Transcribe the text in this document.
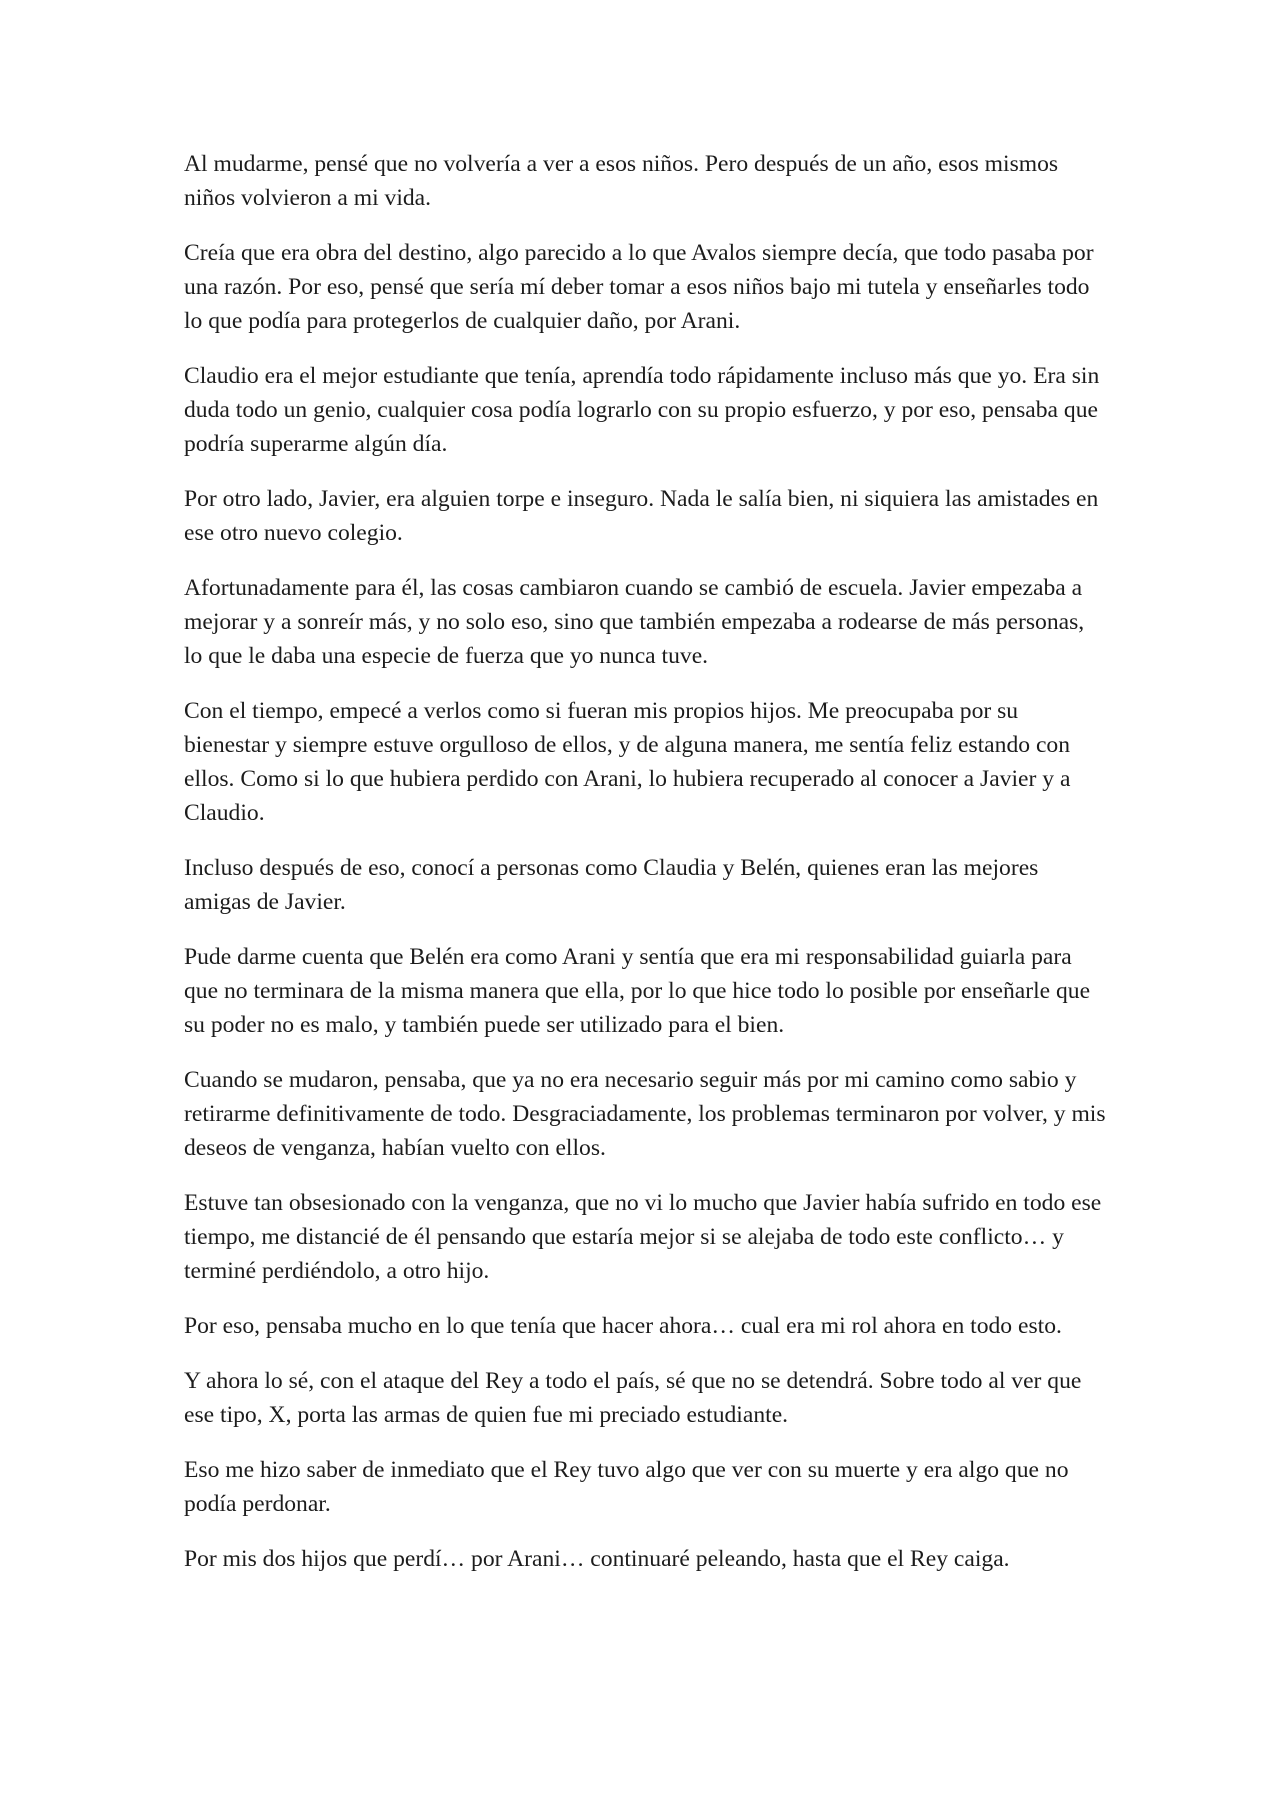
Al mudarme, pensé que no volvería a ver a esos niños. Pero después de un año, esos mismos niños volvieron a mi vida.

Creía que era obra del destino, algo parecido a lo que Avalos siempre decía, que todo pasaba por una razón. Por eso, pensé que sería mí deber tomar a esos niños bajo mi tutela y enseñarles todo lo que podía para protegerlos de cualquier daño, por Arani.

Claudio era el mejor estudiante que tenía, aprendía todo rápidamente incluso más que yo. Era sin duda todo un genio, cualquier cosa podía lograrlo con su propio esfuerzo, y por eso, pensaba que podría superarme algún día.

Por otro lado, Javier, era alguien torpe e inseguro. Nada le salía bien, ni siquiera las amistades en ese otro nuevo colegio.

Afortunadamente para él, las cosas cambiaron cuando se cambió de escuela. Javier empezaba a mejorar y a sonreír más, y no solo eso, sino que también empezaba a rodearse de más personas, lo que le daba una especie de fuerza que yo nunca tuve.

Con el tiempo, empecé a verlos como si fueran mis propios hijos. Me preocupaba por su bienestar y siempre estuve orgulloso de ellos, y de alguna manera, me sentía feliz estando con ellos. Como si lo que hubiera perdido con Arani, lo hubiera recuperado al conocer a Javier y a Claudio.

Incluso después de eso, conocí a personas como Claudia y Belén, quienes eran las mejores amigas de Javier.

Pude darme cuenta que Belén era como Arani y sentía que era mi responsabilidad guiarla para que no terminara de la misma manera que ella, por lo que hice todo lo posible por enseñarle que su poder no es malo, y también puede ser utilizado para el bien.

Cuando se mudaron, pensaba, que ya no era necesario seguir más por mi camino como sabio y retirarme definitivamente de todo. Desgraciadamente, los problemas terminaron por volver, y mis deseos de venganza, habían vuelto con ellos.

Estuve tan obsesionado con la venganza, que no vi lo mucho que Javier había sufrido en todo ese tiempo, me distancié de él pensando que estaría mejor si se alejaba de todo este conflicto… y terminé perdiéndolo, a otro hijo.

Por eso, pensaba mucho en lo que tenía que hacer ahora… cual era mi rol ahora en todo esto.

Y ahora lo sé, con el ataque del Rey a todo el país, sé que no se detendrá. Sobre todo al ver que ese tipo, X, porta las armas de quien fue mi preciado estudiante.

Eso me hizo saber de inmediato que el Rey tuvo algo que ver con su muerte y era algo que no podía perdonar.

Por mis dos hijos que perdí… por Arani… continuaré peleando, hasta que el Rey caiga.
